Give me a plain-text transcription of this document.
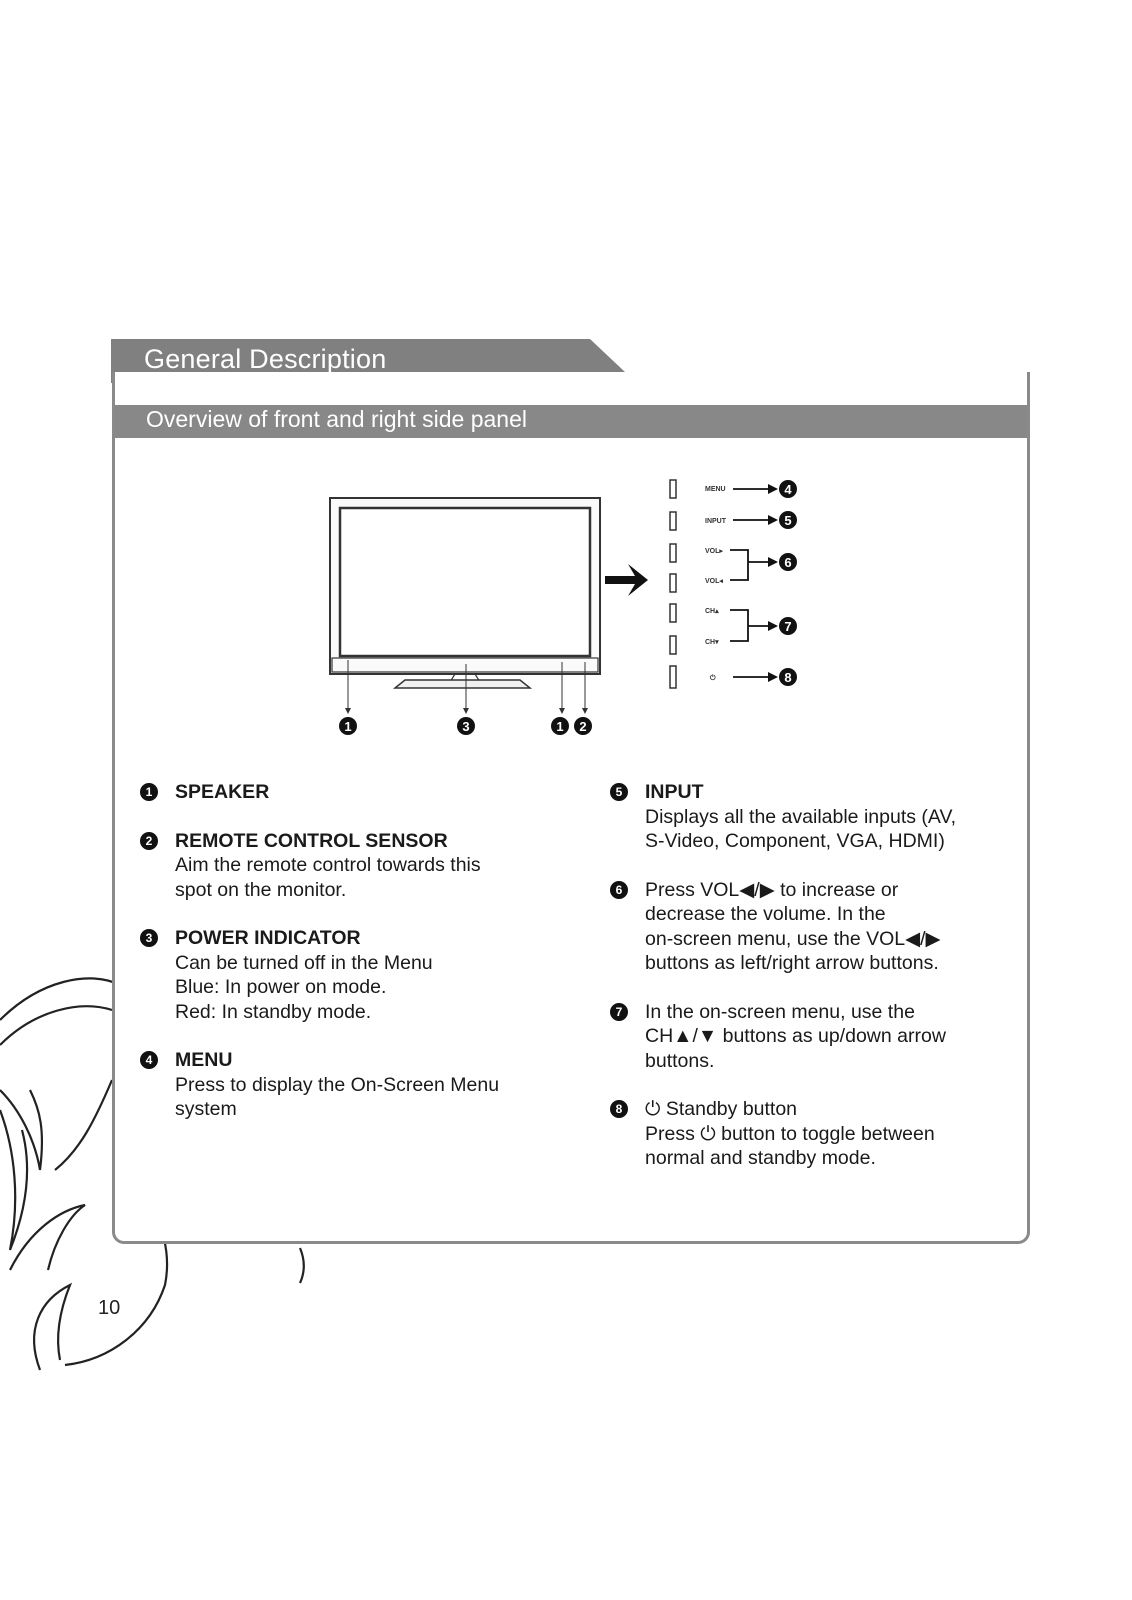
General Description
Overview of front and right side panel
1	3	1 2
MENU
INPUT
VOL▸
VOL◂
CH▴
CH▾
⏻
4
5
6
7
8
1 SPEAKER
2 REMOTE CONTROL SENSOR
Aim the remote control towards this
spot on the monitor.
3 POWER INDICATOR
Can be turned off in the Menu
Blue: In power on mode.
Red: In standby mode.
4 MENU
Press to display the On-Screen Menu
system
5 INPUT
Displays all the available inputs (AV,
S-Video, Component, VGA, HDMI)
6 Press VOL◀/▶ to increase or
decrease the volume. In the
on-screen menu, use the VOL◀/▶
buttons as left/right arrow buttons.
7 In the on-screen menu, use the
CH▲/▼ buttons as up/down arrow
buttons.
8 ⏻ Standby button
Press ⏻ button to toggle between
normal and standby mode.
10
